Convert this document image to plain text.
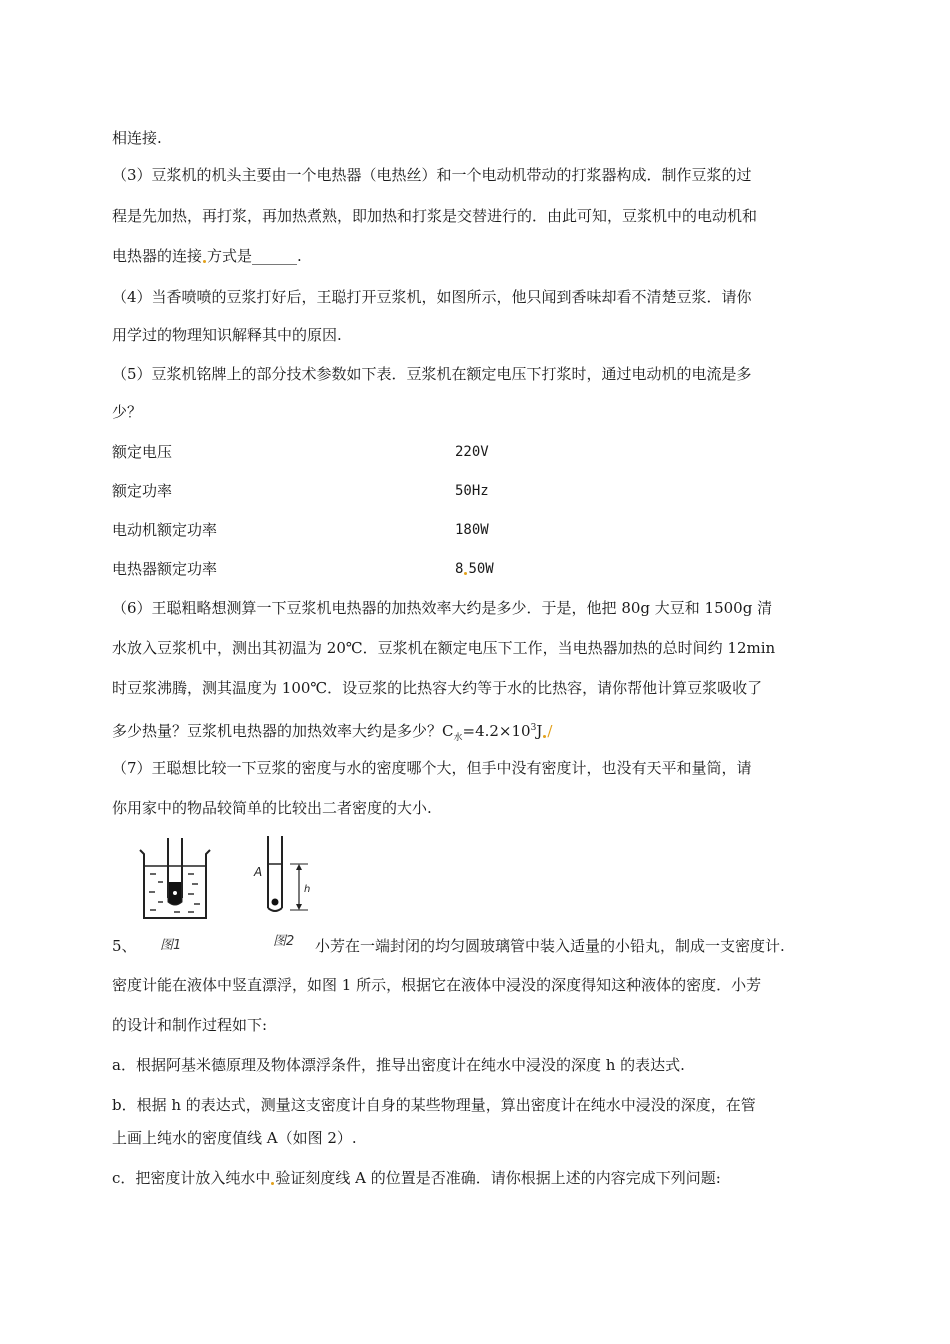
相连接.
（3）豆浆机的机头主要由一个电热器（电热丝）和一个电动机带动的打浆器构成．制作豆浆的过
程是先加热，再打浆，再加热煮熟，即加热和打浆是交替进行的．由此可知，豆浆机中的电动机和
电热器的连接 方式是______.
（4）当香喷喷的豆浆打好后，王聪打开豆浆机，如图所示，他只闻到香味却看不清楚豆浆．请你
用学过的物理知识解释其中的原因.
（5）豆浆机铭牌上的部分技术参数如下表．豆浆机在额定电压下打浆时，通过电动机的电流是多
少？
额定电压	220V
额定功率	50Hz
电动机额定功率	180W
电热器额定功率	8 50W
（6）王聪粗略想测算一下豆浆机电热器的加热效率大约是多少．于是，他把 80g 大豆和 1500g 清
水放入豆浆机中，测出其初温为 20℃．豆浆机在额定电压下工作，当电热器加热的总时间约 12min
时豆浆沸腾，测其温度为 100℃．设豆浆的比热容大约等于水的比热容，请你帮他计算豆浆吸收了
多少热量？豆浆机电热器的加热效率大约是多少？$C_水=4.2\times 10^3J$ /
（7）王聪想比较一下豆浆的密度与水的密度哪个大，但手中没有密度计，也没有天平和量筒，请
你用家中的物品较简单的比较出二者密度的大小.
A
h
5、 图1	图2 小芳在一端封闭的均匀圆玻璃管中装入适量的小铅丸，制成一支密度计.
密度计能在液体中竖直漂浮，如图 1 所示，根据它在液体中浸没的深度得知这种液体的密度．小芳
的设计和制作过程如下:
a．根据阿基米德原理及物体漂浮条件，推导出密度计在纯水中浸没的深度 h 的表达式.
b．根据 h 的表达式，测量这支密度计自身的某些物理量，算出密度计在纯水中浸没的深度，在管
上画上纯水的密度值线 A（如图 2）.
c．把密度计放入纯水中 验证刻度线 A 的位置是否准确．请你根据上述的内容完成下列问题:
